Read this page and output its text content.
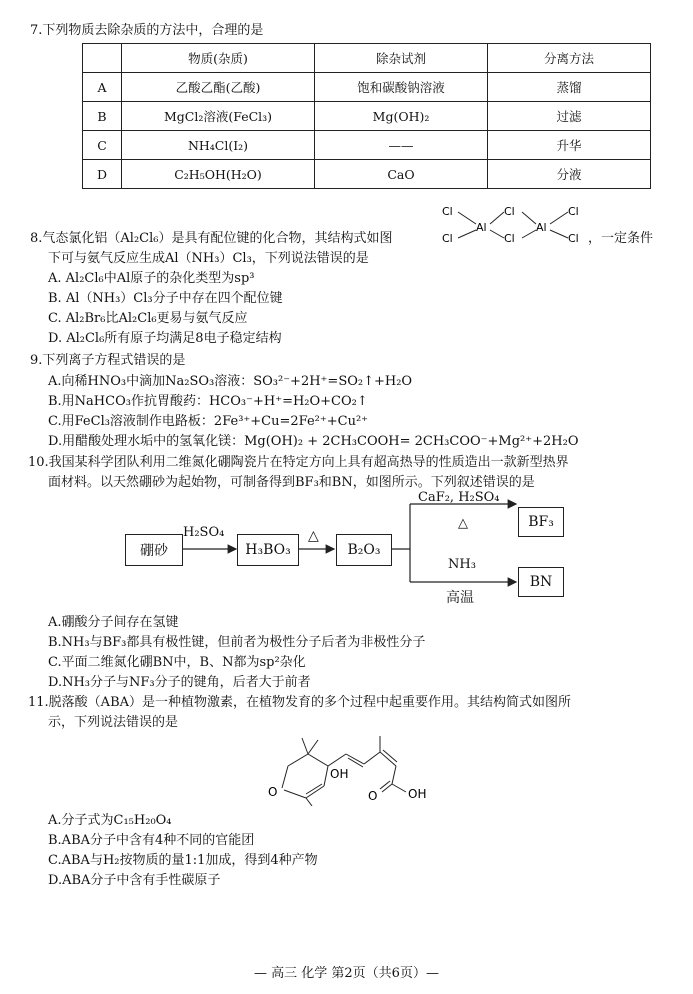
7.下列物质去除杂质的方法中，合理的是
	物质(杂质)	除杂试剂	分离方法
A	乙酸乙酯(乙酸)	饱和碳酸钠溶液	蒸馏
B	MgCl₂溶液(FeCl₃)	Mg(OH)₂	过滤
C	NH₄Cl(I₂)	——	升华
D	C₂H₅OH(H₂O)	CaO	分液
Cl
Cl
Al
Cl
Cl
Al
Cl
Cl
8.气态氯化铝（Al₂Cl₆）是具有配位键的化合物，其结构式如图	，一定条件
下可与氨气反应生成Al（NH₃）Cl₃，下列说法错误的是
A. Al₂Cl₆中Al原子的杂化类型为sp³
B. Al（NH₃）Cl₃分子中存在四个配位键
C. Al₂Br₆比Al₂Cl₆更易与氨气反应
D. Al₂Cl₆所有原子均满足8电子稳定结构
9.下列离子方程式错误的是
A.向稀HNO₃中滴加Na₂SO₃溶液：SO₃²⁻+2H⁺=SO₂↑+H₂O
B.用NaHCO₃作抗胃酸药：HCO₃⁻+H⁺=H₂O+CO₂↑
C.用FeCl₃溶液制作电路板：2Fe³⁺+Cu=2Fe²⁺+Cu²⁺
D.用醋酸处理水垢中的氢氧化镁：Mg(OH)₂ + 2CH₃COOH= 2CH₃COO⁻+Mg²⁺+2H₂O
10.我国某科学团队利用二维氮化硼陶瓷片在特定方向上具有超高热导的性质造出一款新型热界
面材料。以天然硼砂为起始物，可制备得到BF₃和BN，如图所示。下列叙述错误的是
硼砂
H₂SO₄
H₃BO₃
△
B₂O₃
CaF₂, H₂SO₄
△	BF₃
NH₃
高温
BN
A.硼酸分子间存在氢键
B.NH₃与BF₃都具有极性键，但前者为极性分子后者为非极性分子
C.平面二维氮化硼BN中，B、N都为sp²杂化
D.NH₃分子与NF₃分子的键角，后者大于前者
11.脱落酸（ABA）是一种植物激素，在植物发育的多个过程中起重要作用。其结构简式如图所
示，下列说法错误的是
OH
O	O	OH
A.分子式为C₁₅H₂₀O₄
B.ABA分子中含有4种不同的官能团
C.ABA与H₂按物质的量1:1加成，得到4种产物
D.ABA分子中含有手性碳原子
— 高三 化学 第2页（共6页）—
